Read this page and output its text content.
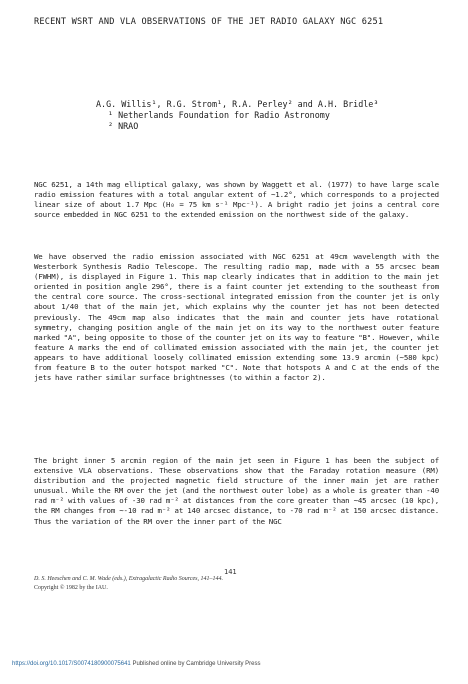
RECENT WSRT AND VLA OBSERVATIONS OF THE JET RADIO GALAXY NGC 6251
A.G. Willis¹, R.G. Strom¹, R.A. Perley² and A.H. Bridle³
¹ Netherlands Foundation for Radio Astronomy
² NRAO
NGC 6251, a 14th mag elliptical galaxy, was shown by Waggett et al. (1977) to have large scale radio emission features with a total angular extent of ~1.2°, which corresponds to a projected linear size of about 1.7 Mpc (H₀ = 75 km s⁻¹ Mpc⁻¹). A bright radio jet joins a central core source embedded in NGC 6251 to the extended emission on the northwest side of the galaxy.
We have observed the radio emission associated with NGC 6251 at 49cm wavelength with the Westerbork Synthesis Radio Telescope. The resulting radio map, made with a 55 arcsec beam (FWHM), is displayed in Figure 1. This map clearly indicates that in addition to the main jet oriented in position angle 296°, there is a faint counter jet extending to the southeast from the central core source. The cross-sectional integrated emission from the counter jet is only about 1/40 that of the main jet, which explains why the counter jet has not been detected previously. The 49cm map also indicates that the main and counter jets have rotational symmetry, changing position angle of the main jet on its way to the northwest outer feature marked "A", being opposite to those of the counter jet on its way to feature "B". However, while feature A marks the end of collimated emission associated with the main jet, the counter jet appears to have additional loosely collimated emission extending some 13.9 arcmin (~580 kpc) from feature B to the outer hotspot marked "C". Note that hotspots A and C at the ends of the jets have rather similar surface brightnesses (to within a factor 2).
The bright inner 5 arcmin region of the main jet seen in Figure 1 has been the subject of extensive VLA observations. These observations show that the Faraday rotation measure (RM) distribution and the projected magnetic field structure of the inner main jet are rather unusual. While the RM over the jet (and the northwest outer lobe) as a whole is greater than -40 rad m⁻² with values of -30 rad m⁻² at distances from the core greater than ~45 arcsec (10 kpc), the RM changes from ~-10 rad m⁻² at 140 arcsec distance, to -70 rad m⁻² at 150 arcsec distance. Thus the variation of the RM over the inner part of the NGC
141
D. S. Heeschen and C. M. Wade (eds.), Extragalactic Radio Sources, 141–144.
Copyright © 1982 by the IAU.
https://doi.org/10.1017/S0074180900075641 Published online by Cambridge University Press
